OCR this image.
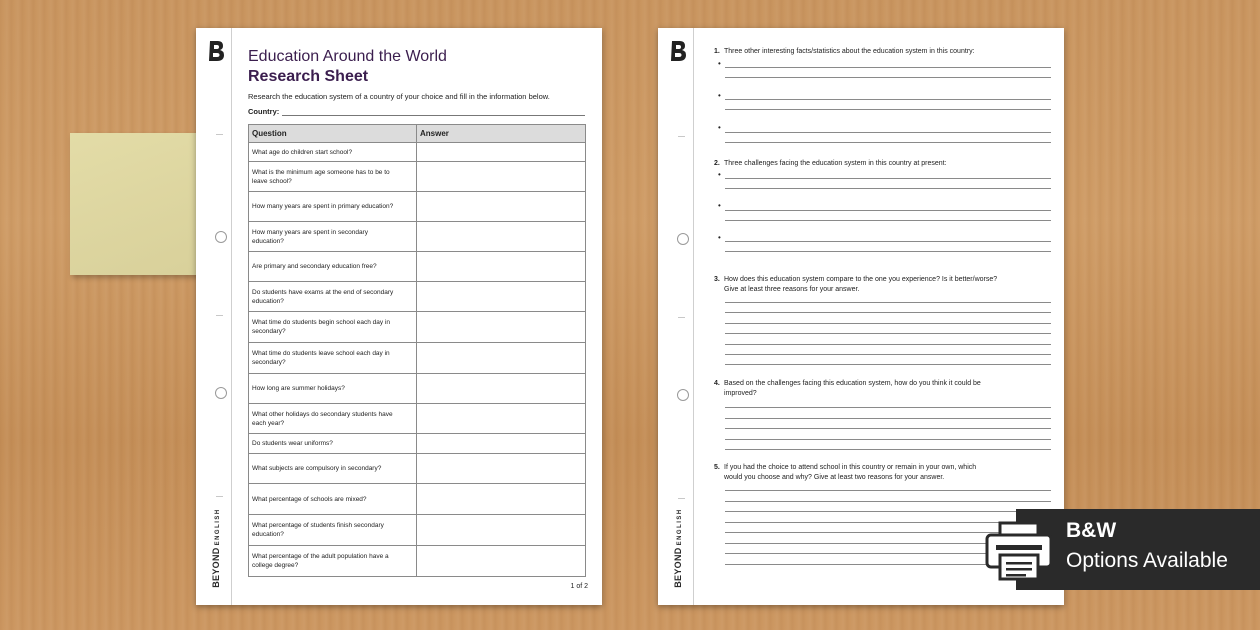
BEYONDENGLISH
Education Around the World
Research Sheet
Research the education system of a country of your choice and fill in the information below.
Country:
Question	Answer

What age do children start school?	

What is the minimum age someone has to be to
leave school?	

How many years are spent in primary education?	

How many years are spent in secondary
education?	

Are primary and secondary education free?	

Do students have exams at the end of secondary
education?	

What time do students begin school each day in
secondary?	

What time do students leave school each day in
secondary?	

How long are summer holidays?	

What other holidays do secondary students have
each year?	

Do students wear uniforms?	

What subjects are compulsory in secondary?	

What percentage of schools are mixed?	

What percentage of students finish secondary
education?	

What percentage of the adult population have a
college degree?	

1 of 2	BEYONDENGLISH
1. Three other interesting facts/statistics about the education system in this country:
2. Three challenges facing the education system in this country at present:
3. How does this education system compare to the one you experience? Is it better/worse?
Give at least three reasons for your answer.
4. Based on the challenges facing this education system, how do you think it could be
improved?
5. If you had the choice to attend school in this country or remain in your own, which
would you choose and why? Give at least two reasons for your answer.
•
•
•
•
•
•
B&W
Options Available
